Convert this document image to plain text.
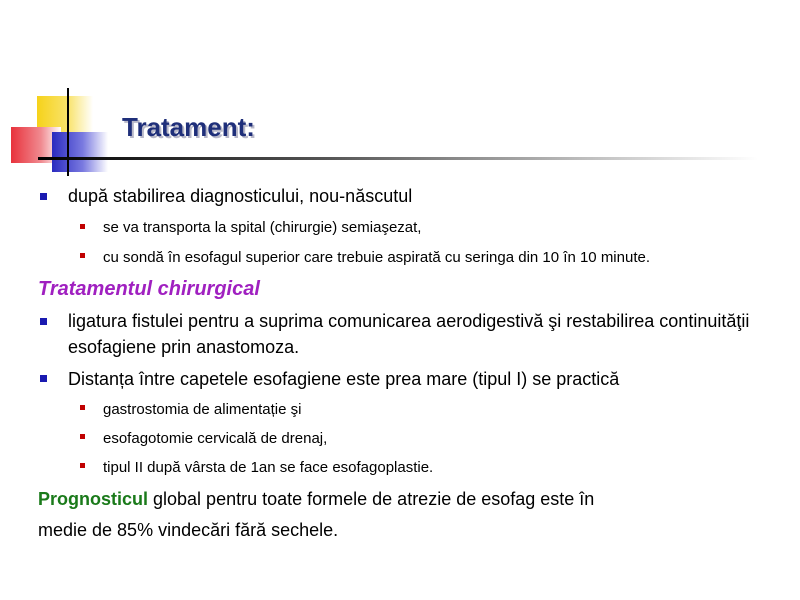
Tratament:
după stabilirea diagnosticului, nou-născutul
se va transporta la spital (chirurgie) semiaşezat,
cu sondă în esofagul superior care trebuie aspirată cu seringa din 10 în 10 minute.
Tratamentul chirurgical
ligatura fistulei pentru a suprima comunicarea aerodigestivă şi restabilirea continuităţii
esofagiene prin anastomoza.
Distanța între capetele esofagiene este prea mare (tipul I) se practică
gastrostomia de alimentație şi
esofagotomie cervicală de drenaj,
tipul II după vârsta de 1an se face esofagoplastie.
Prognosticul global pentru toate formele de atrezie de esofag este în
medie de 85% vindecări fără sechele.
